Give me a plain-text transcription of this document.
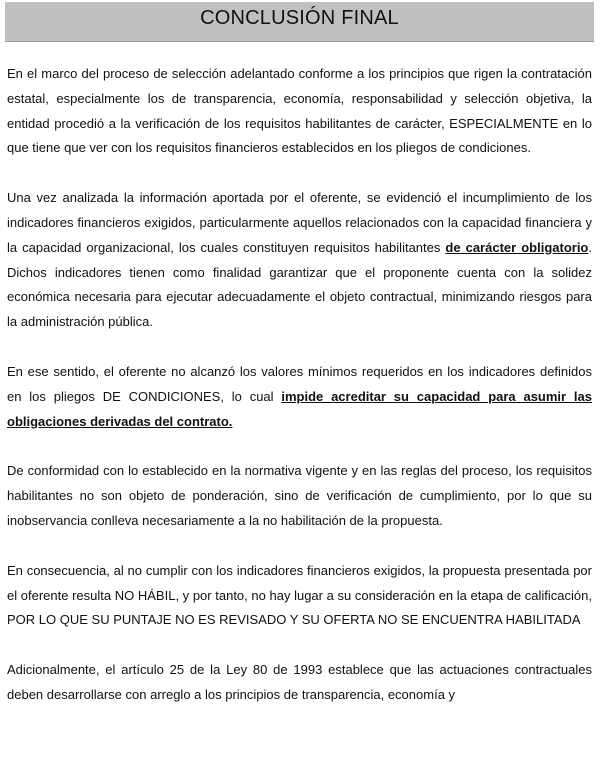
CONCLUSIÓN FINAL

En el marco del proceso de selección adelantado conforme a los principios que rigen la contratación estatal, especialmente los de transparencia, economía, responsabilidad y selección objetiva, la entidad procedió a la verificación de los requisitos habilitantes de carácter, ESPECIALMENTE en lo que tiene que ver con los requisitos financieros establecidos en los pliegos de condiciones.

Una vez analizada la información aportada por el oferente, se evidenció el incumplimiento de los indicadores financieros exigidos, particularmente aquellos relacionados con la capacidad financiera y la capacidad organizacional, los cuales constituyen requisitos habilitantes de carácter obligatorio. Dichos indicadores tienen como finalidad garantizar que el proponente cuenta con la solidez económica necesaria para ejecutar adecuadamente el objeto contractual, minimizando riesgos para la administración pública.

En ese sentido, el oferente no alcanzó los valores mínimos requeridos en los indicadores definidos en los pliegos DE CONDICIONES, lo cual impide acreditar su capacidad para asumir las obligaciones derivadas del contrato.

De conformidad con lo establecido en la normativa vigente y en las reglas del proceso, los requisitos habilitantes no son objeto de ponderación, sino de verificación de cumplimiento, por lo que su inobservancia conlleva necesariamente a la no habilitación de la propuesta.

En consecuencia, al no cumplir con los indicadores financieros exigidos, la propuesta presentada por el oferente resulta NO HÁBIL, y por tanto, no hay lugar a su consideración en la etapa de calificación, POR LO QUE SU PUNTAJE NO ES REVISADO Y SU OFERTA NO SE ENCUENTRA HABILITADA

Adicionalmente, el artículo 25 de la Ley 80 de 1993 establece que las actuaciones contractuales deben desarrollarse con arreglo a los principios de transparencia, economía y
